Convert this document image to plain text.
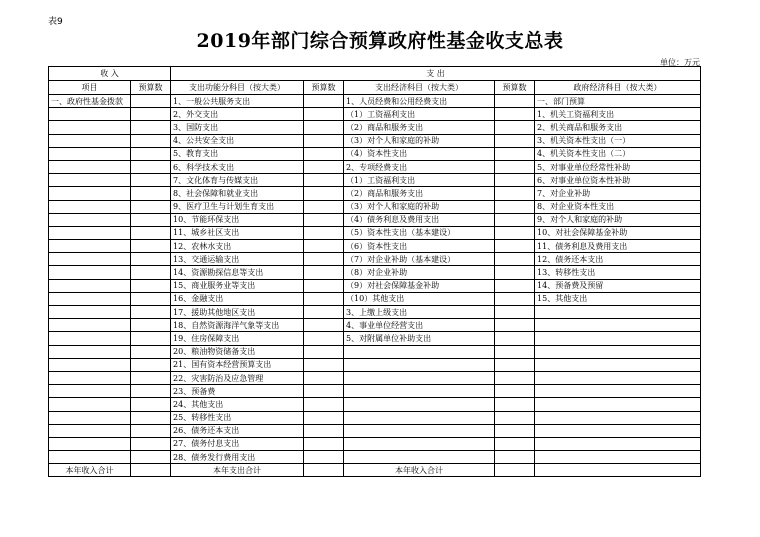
表9
2019年部门综合预算政府性基金收支总表
单位：万元
收 入		支 出				
项目	预算数	支出功能分科目（按大类）	预算数	支出经济科目（按大类）	预算数	政府经济科目（按大类）
一、政府性基金拨款		1、一般公共服务支出		1、人员经费和公用经费支出		一、部门预算
		2、外交支出		（1）工资福利支出		1、机关工资福利支出
		3、国防支出		（2）商品和服务支出		2、机关商品和服务支出
		4、公共安全支出		（3）对个人和家庭的补助		3、机关资本性支出（一）
		5、教育支出		（4）资本性支出		4、机关资本性支出（二）
		6、科学技术支出		2、专项经费支出		5、对事业单位经常性补助
		7、文化体育与传媒支出		（1）工资福利支出		6、对事业单位资本性补助
		8、社会保障和就业支出		（2）商品和服务支出		7、对企业补助
		9、医疗卫生与计划生育支出		（3）对个人和家庭的补助		8、对企业资本性支出
		10、节能环保支出		（4）债务利息及费用支出		9、对个人和家庭的补助
		11、城乡社区支出		（5）资本性支出（基本建设）		10、对社会保障基金补助
		12、农林水支出		（6）资本性支出		11、债务利息及费用支出
		13、交通运输支出		（7）对企业补助（基本建设）		12、债务还本支出
		14、资源勘探信息等支出		（8）对企业补助		13、转移性支出
		15、商业服务业等支出		（9）对社会保障基金补助		14、预备费及预留
		16、金融支出		（10）其他支出		15、其他支出
		17、援助其他地区支出		3、上缴上级支出		
		18、自然资源海洋气象等支出		4、事业单位经营支出		
		19、住房保障支出		5、对附属单位补助支出		
		20、粮油物资储备支出				
		21、国有资本经营预算支出				
		22、灾害防治及应急管理				
		23、预备费				
		24、其他支出				
		25、转移性支出				
		26、债务还本支出				
		27、债务付息支出				
		28、债务发行费用支出				
本年收入合计		本年支出合计		本年收入合计		
